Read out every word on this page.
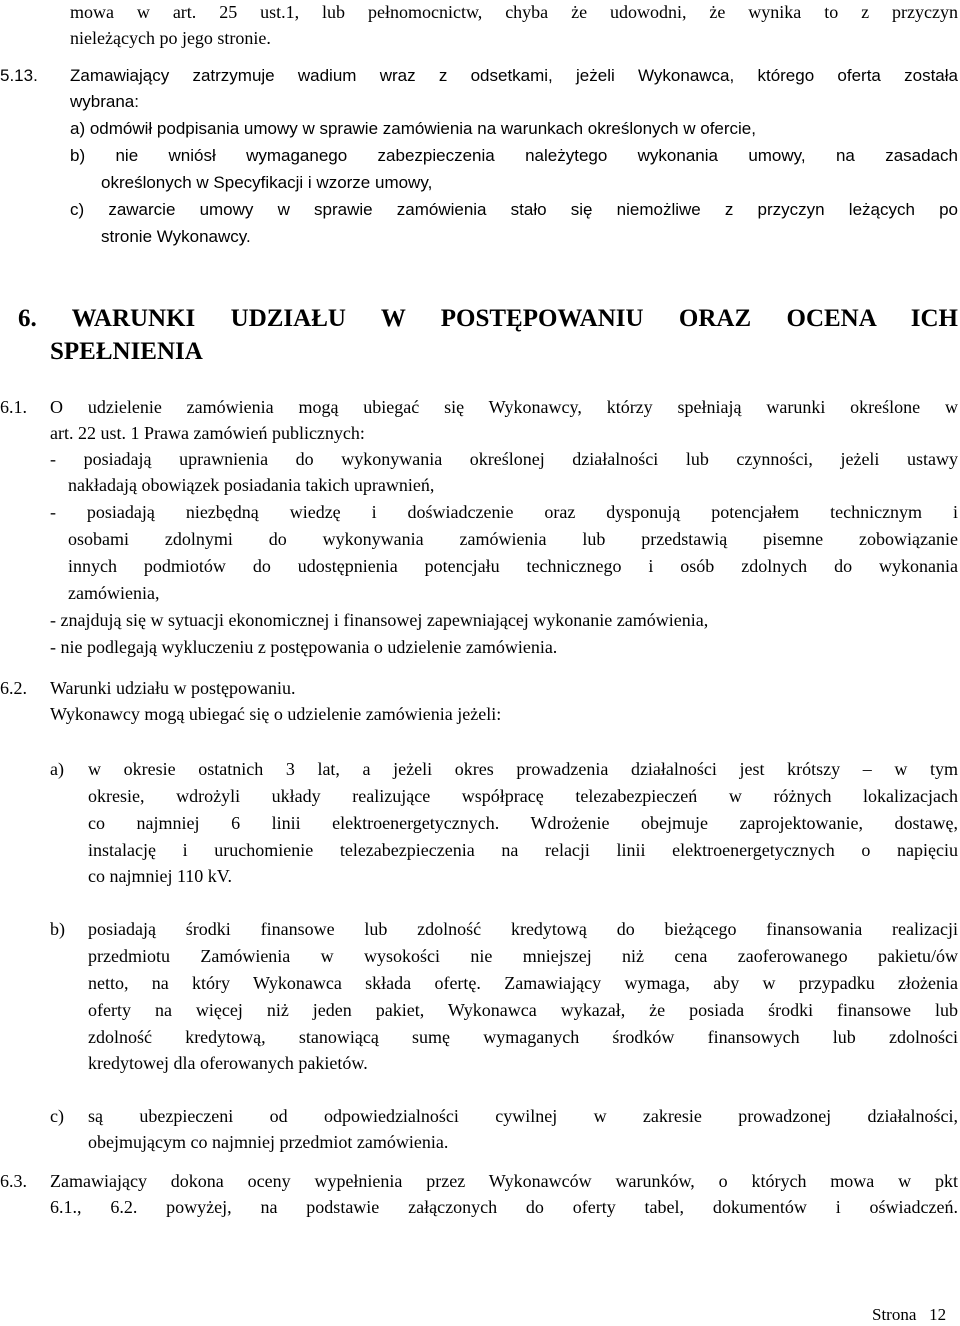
mowa w art. 25 ust.1, lub pełnomocnictw, chyba że udowodni, że wynika to z przyczyn
nieleżących po jego stronie.
5.13. Zamawiający zatrzymuje wadium wraz z odsetkami, jeżeli Wykonawca, którego oferta została
wybrana:
a) odmówił podpisania umowy w sprawie zamówienia na warunkach określonych w ofercie,
b) nie wniósł wymaganego zabezpieczenia należytego wykonania umowy, na zasadach
określonych w Specyfikacji i wzorze umowy,
c) zawarcie umowy w sprawie zamówienia stało się niemożliwe z przyczyn leżących po
stronie Wykonawcy.
6. WARUNKI UDZIAŁU W POSTĘPOWANIU ORAZ OCENA ICH
SPEŁNIENIA
6.1. O udzielenie zamówienia mogą ubiegać się Wykonawcy, którzy spełniają warunki określone w
art. 22 ust. 1 Prawa zamówień publicznych:
- posiadają uprawnienia do wykonywania określonej działalności lub czynności, jeżeli ustawy
nakładają obowiązek posiadania takich uprawnień,
- posiadają niezbędną wiedzę i doświadczenie oraz dysponują potencjałem technicznym i
osobami zdolnymi do wykonywania zamówienia lub przedstawią pisemne zobowiązanie
innych podmiotów do udostępnienia potencjału technicznego i osób zdolnych do wykonania
zamówienia,
- znajdują się w sytuacji ekonomicznej i finansowej zapewniającej wykonanie zamówienia,
- nie podlegają wykluczeniu z postępowania o udzielenie zamówienia.
6.2. Warunki udziału w postępowaniu.
Wykonawcy mogą ubiegać się o udzielenie zamówienia jeżeli:
a) w okresie ostatnich 3 lat, a jeżeli okres prowadzenia działalności jest krótszy – w tym
okresie, wdrożyli układy realizujące współpracę telezabezpieczeń w różnych lokalizacjach
co najmniej 6 linii elektroenergetycznych. Wdrożenie obejmuje zaprojektowanie, dostawę,
instalację i uruchomienie telezabezpieczenia na relacji linii elektroenergetycznych o napięciu
co najmniej 110 kV.
b) posiadają środki finansowe lub zdolność kredytową do bieżącego finansowania realizacji
przedmiotu Zamówienia w wysokości nie mniejszej niż cena zaoferowanego pakietu/ów
netto, na który Wykonawca składa ofertę. Zamawiający wymaga, aby w przypadku złożenia
oferty na więcej niż jeden pakiet, Wykonawca wykazał, że posiada środki finansowe lub
zdolność kredytową, stanowiącą sumę wymaganych środków finansowych lub zdolności
kredytowej dla oferowanych pakietów.
c) są ubezpieczeni od odpowiedzialności cywilnej w zakresie prowadzonej działalności,
obejmującym co najmniej przedmiot zamówienia.
6.3. Zamawiający dokona oceny wypełnienia przez Wykonawców warunków, o których mowa w pkt
6.1., 6.2. powyżej, na podstawie załączonych do oferty tabel, dokumentów i oświadczeń.
Strona 12
